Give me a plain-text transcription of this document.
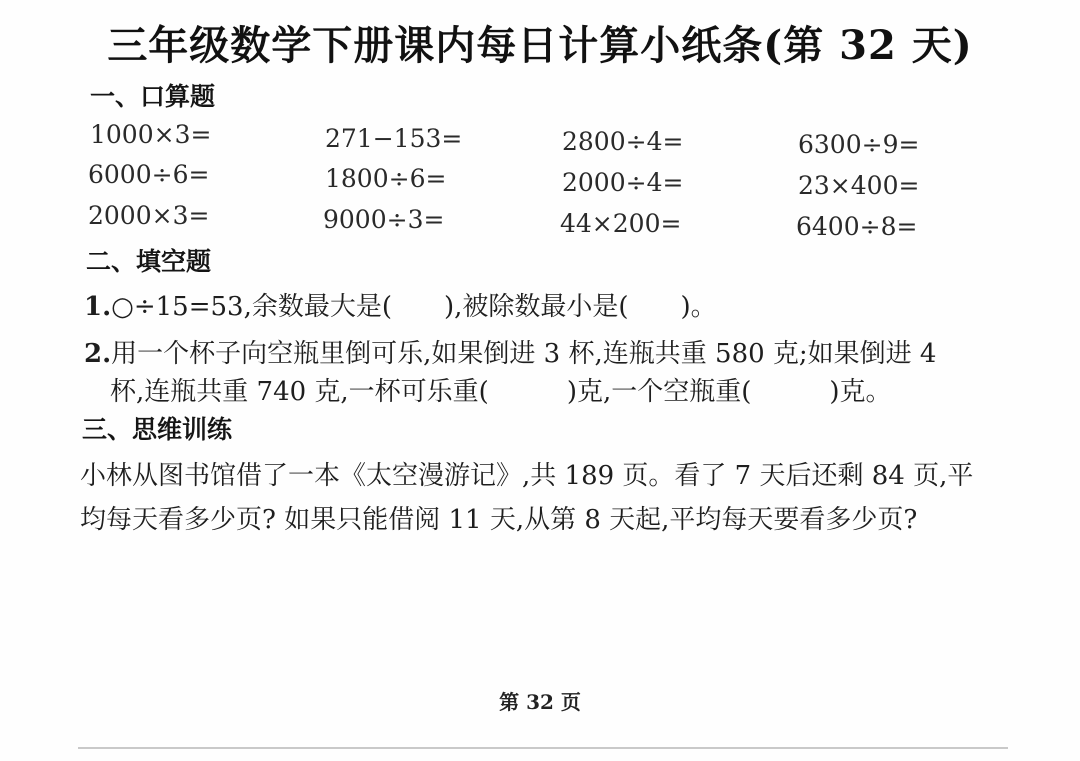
三年级数学下册课内每日计算小纸条(第 32 天)
一、口算题
1000×3=	271−153=	2800÷4=	6300÷9=
6000÷6=	1800÷6=	2000÷4=	23×400=
2000×3=	9000÷3=	44×200=	6400÷8=
二、填空题
1.○÷15=53,余数最大是(　　),被除数最小是(　　)。
2.用一个杯子向空瓶里倒可乐,如果倒进 3 杯,连瓶共重 580 克;如果倒进 4
杯,连瓶共重 740 克,一杯可乐重(　　　)克,一个空瓶重(　　　)克。
三、思维训练
小林从图书馆借了一本《太空漫游记》,共 189 页。看了 7 天后还剩 84 页,平
均每天看多少页? 如果只能借阅 11 天,从第 8 天起,平均每天要看多少页?
第 32 页
